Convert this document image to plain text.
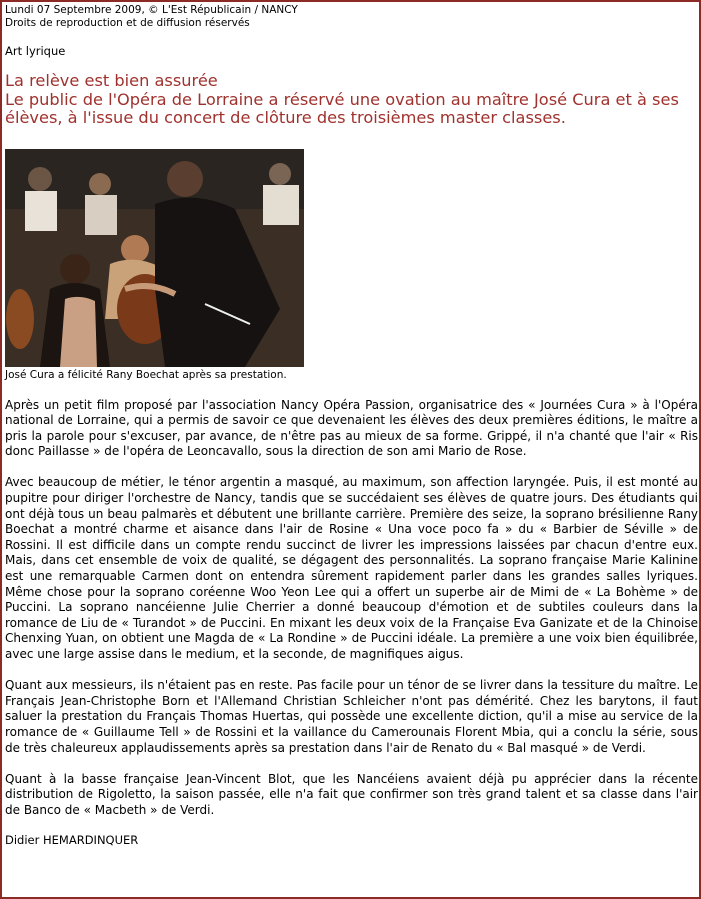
Lundi 07 Septembre 2009, © L'Est Républicain / NANCY
Droits de reproduction et de diffusion réservés
Art lyrique
La relève est bien assurée
Le public de l'Opéra de Lorraine a réservé une ovation au maître José Cura et à ses élèves, à l'issue du concert de clôture des troisièmes master classes.
José Cura a félicité Rany Boechat après sa prestation.

Après un petit film proposé par l'association Nancy Opéra Passion, organisatrice des « Journées Cura » à l'Opéra national de Lorraine, qui a permis de savoir ce que devenaient les élèves des deux premières éditions, le maître a pris la parole pour s'excuser, par avance, de n'être pas au mieux de sa forme. Grippé, il n'a chanté que l'air « Ris donc Paillasse » de l'opéra de Leoncavallo, sous la direction de son ami Mario de Rose.

Avec beaucoup de métier, le ténor argentin a masqué, au maximum, son affection laryngée. Puis, il est monté au pupitre pour diriger l'orchestre de Nancy, tandis que se succédaient ses élèves de quatre jours. Des étudiants qui ont déjà tous un beau palmarès et débutent une brillante carrière. Première des seize, la soprano brésilienne Rany Boechat a montré charme et aisance dans l'air de Rosine « Una voce poco fa » du « Barbier de Séville » de Rossini. Il est difficile dans un compte rendu succinct de livrer les impressions laissées par chacun d'entre eux. Mais, dans cet ensemble de voix de qualité, se dégagent des personnalités. La soprano française Marie Kalinine est une remarquable Carmen dont on entendra sûrement rapidement parler dans les grandes salles lyriques. Même chose pour la soprano coréenne Woo Yeon Lee qui a offert un superbe air de Mimi de « La Bohème » de Puccini. La soprano nancéienne Julie Cherrier a donné beaucoup d'émotion et de subtiles couleurs dans la romance de Liu de « Turandot » de Puccini. En mixant les deux voix de la Française Eva Ganizate et de la Chinoise Chenxing Yuan, on obtient une Magda de « La Rondine » de Puccini idéale. La première a une voix bien équilibrée, avec une large assise dans le medium, et la seconde, de magnifiques aigus.

Quant aux messieurs, ils n'étaient pas en reste. Pas facile pour un ténor de se livrer dans la tessiture du maître. Le Français Jean-Christophe Born et l'Allemand Christian Schleicher n'ont pas démérité. Chez les barytons, il faut saluer la prestation du Français Thomas Huertas, qui possède une excellente diction, qu'il a mise au service de la romance de « Guillaume Tell » de Rossini et la vaillance du Camerounais Florent Mbia, qui a conclu la série, sous de très chaleureux applaudissements après sa prestation dans l'air de Renato du « Bal masqué » de Verdi.

Quant à la basse française Jean-Vincent Blot, que les Nancéiens avaient déjà pu apprécier dans la récente distribution de Rigoletto, la saison passée, elle n'a fait que confirmer son très grand talent et sa classe dans l'air de Banco de « Macbeth » de Verdi.

Didier HEMARDINQUER
